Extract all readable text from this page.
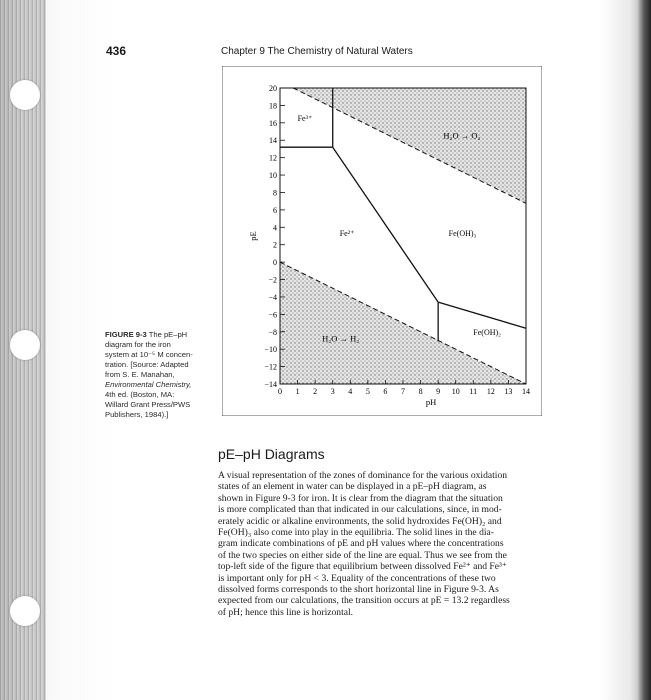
436	Chapter 9 The Chemistry of Natural Waters
FIGURE 9-3 The pE–pH
diagram for the iron
system at 10⁻⁵ M concen-
tration. [Source: Adapted
from S. E. Manahan,
Environmental Chemistry,
4th ed. (Boston, MA:
Willard Grant Press/PWS
Publishers, 1984).]
−14
−12
−10
−8
−6
−4
−2
0
2
4
6
8
10
12
14
16
18
20
0 1 2 3 4 5 6 7 8 9 10 11 12 13 14
Fe³⁺
Fe²⁺	Fe(OH)₃
Fe(OH)₂
H₂O → O₂
H₂O → H₂
pH
pE
pE–pH Diagrams
A visual representation of the zones of dominance for the various oxidation
states of an element in water can be displayed in a pE–pH diagram, as
shown in Figure 9-3 for iron. It is clear from the diagram that the situation
is more complicated than that indicated in our calculations, since, in mod-
erately acidic or alkaline environments, the solid hydroxides Fe(OH)₂ and
Fe(OH)₃ also come into play in the equilibria. The solid lines in the dia-
gram indicate combinations of pE and pH values where the concentrations
of the two species on either side of the line are equal. Thus we see from the
top-left side of the figure that equilibrium between dissolved Fe²⁺ and Fe³⁺
is important only for pH < 3. Equality of the concentrations of these two
dissolved forms corresponds to the short horizontal line in Figure 9-3. As
expected from our calculations, the transition occurs at pE = 13.2 regardless
of pH; hence this line is horizontal.
